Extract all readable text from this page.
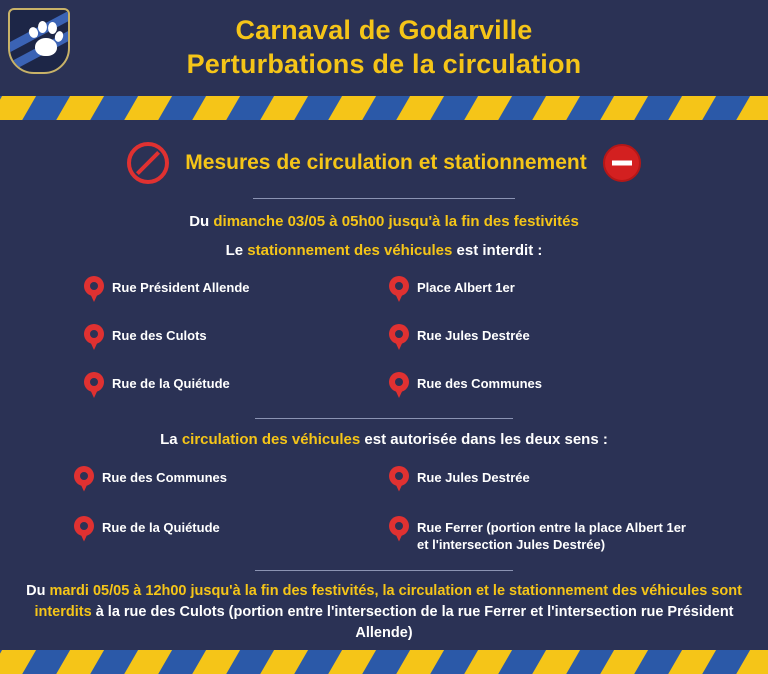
Carnaval de Godarville
Perturbations de la circulation
Mesures de circulation et stationnement
Du dimanche 03/05 à 05h00 jusqu'à la fin des festivités
Le stationnement des véhicules est interdit :
Rue Président Allende	Place Albert 1er
Rue des Culots	Rue Jules Destrée
Rue de la Quiétude	Rue des Communes
La circulation des véhicules est autorisée dans les deux sens :
Rue des Communes	Rue Jules Destrée
Rue de la Quiétude	Rue Ferrer (portion entre la place Albert 1er et l'intersection Jules Destrée)
Du mardi 05/05 à 12h00 jusqu'à la fin des festivités, la circulation et le stationnement des véhicules sont interdits à la rue des Culots (portion entre l'intersection de la rue Ferrer et l'intersection rue Président Allende)
